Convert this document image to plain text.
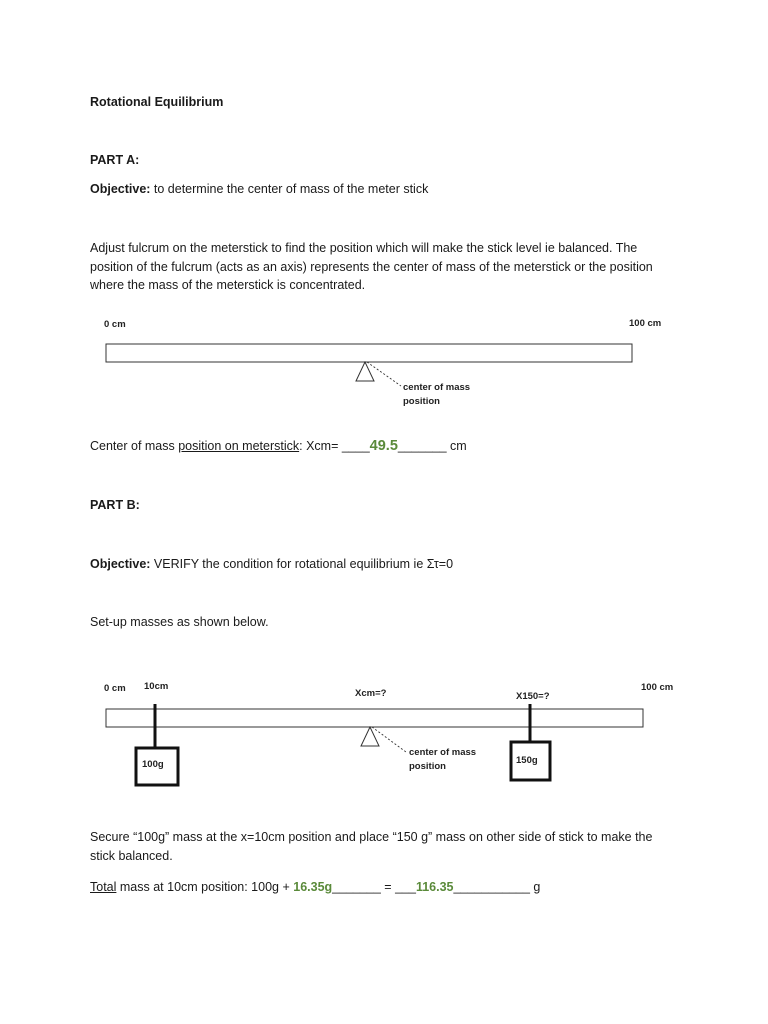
Rotational Equilibrium
PART A:
Objective: to determine the center of mass of the meter stick
Adjust fulcrum on the meterstick to find the position which will make the stick level ie balanced. The
position of the fulcrum (acts as an axis) represents the center of mass of the meterstick or the position
where the mass of the meterstick is concentrated.
0 cm	100 cm
center of mass
position
Center of mass position on meterstick: Xcm= ____49.5_______ cm
PART B:
Objective: VERIFY the condition for rotational equilibrium ie Στ=0
Set-up masses as shown below.
0 cm 10cm
Xcm=?	X150=?
100 cm
100g	150g
center of mass
position
Secure “100g” mass at the x=10cm position and place “150 g” mass on other side of stick to make the
stick balanced.
Total mass at 10cm position: 100g + 16.35g_______ = ___116.35___________ g
